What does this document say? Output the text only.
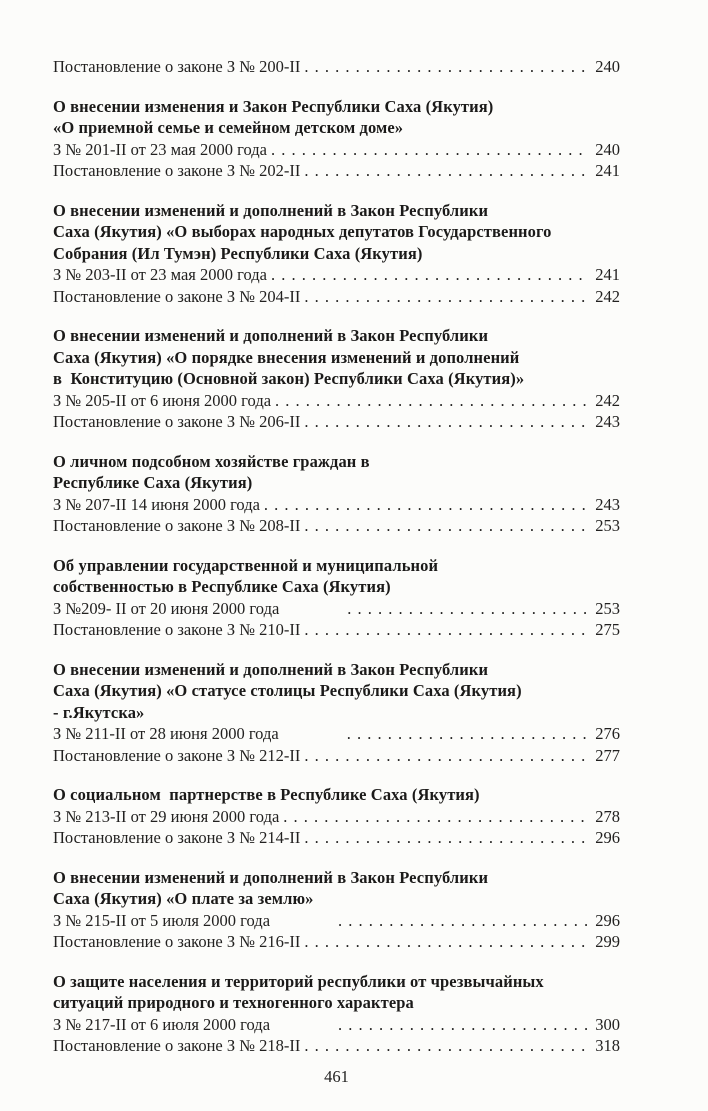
Постановление о законе З № 200-II . . .	240
О внесении изменения и Закон Республики Саха (Якутия)
«О приемной семье и семейном детском доме»
З № 201-II от 23 мая 2000 года . . .	240
Постановление о законе З № 202-II . . .	241
О внесении изменений и дополнений в Закон Республики
Саха (Якутия) «О выборах народных депутатов Государственного
Собрания (Ил Тумэн) Республики Саха (Якутия)
З № 203-II от 23 мая 2000 года . . .	241
Постановление о законе З № 204-II . . .	242
О внесении изменений и дополнений в Закон Республики
Саха (Якутия) «О порядке внесения изменений и дополнений
в  Конституцию (Основной закон) Республики Саха (Якутия)»
З № 205-II от 6 июня 2000 года . . .	242
Постановление о законе З № 206-II . . .	243
О личном подсобном хозяйстве граждан в
Республике Саха (Якутия)
З № 207-II 14 июня 2000 года . . .	243
Постановление о законе З № 208-II . . .	253
Об управлении государственной и муниципальной
собственностью в Республике Саха (Якутия)
З №209- II от 20 июня 2000 года . . .	253
Постановление о законе З № 210-II . . .	275
О внесении изменений и дополнений в Закон Республики
Саха (Якутия) «О статусе столицы Республики Саха (Якутия)
- г.Якутска»
З № 211-II от 28 июня 2000 года . . .	276
Постановление о законе З № 212-II . . .	277
О социальном  партнерстве в Республике Саха (Якутия)
З № 213-II от 29 июня 2000 года . . .	278
Постановление о законе З № 214-II . . .	296
О внесении изменений и дополнений в Закон Республики
Саха (Якутия) «О плате за землю»
З № 215-II от 5 июля 2000 года . . .	296
Постановление о законе З № 216-II . . .	299
О защите населения и территорий республики от чрезвычайных
ситуаций природного и техногенного характера
З № 217-II от 6 июля 2000 года . . .	300
Постановление о законе З № 218-II . . .	318
461
